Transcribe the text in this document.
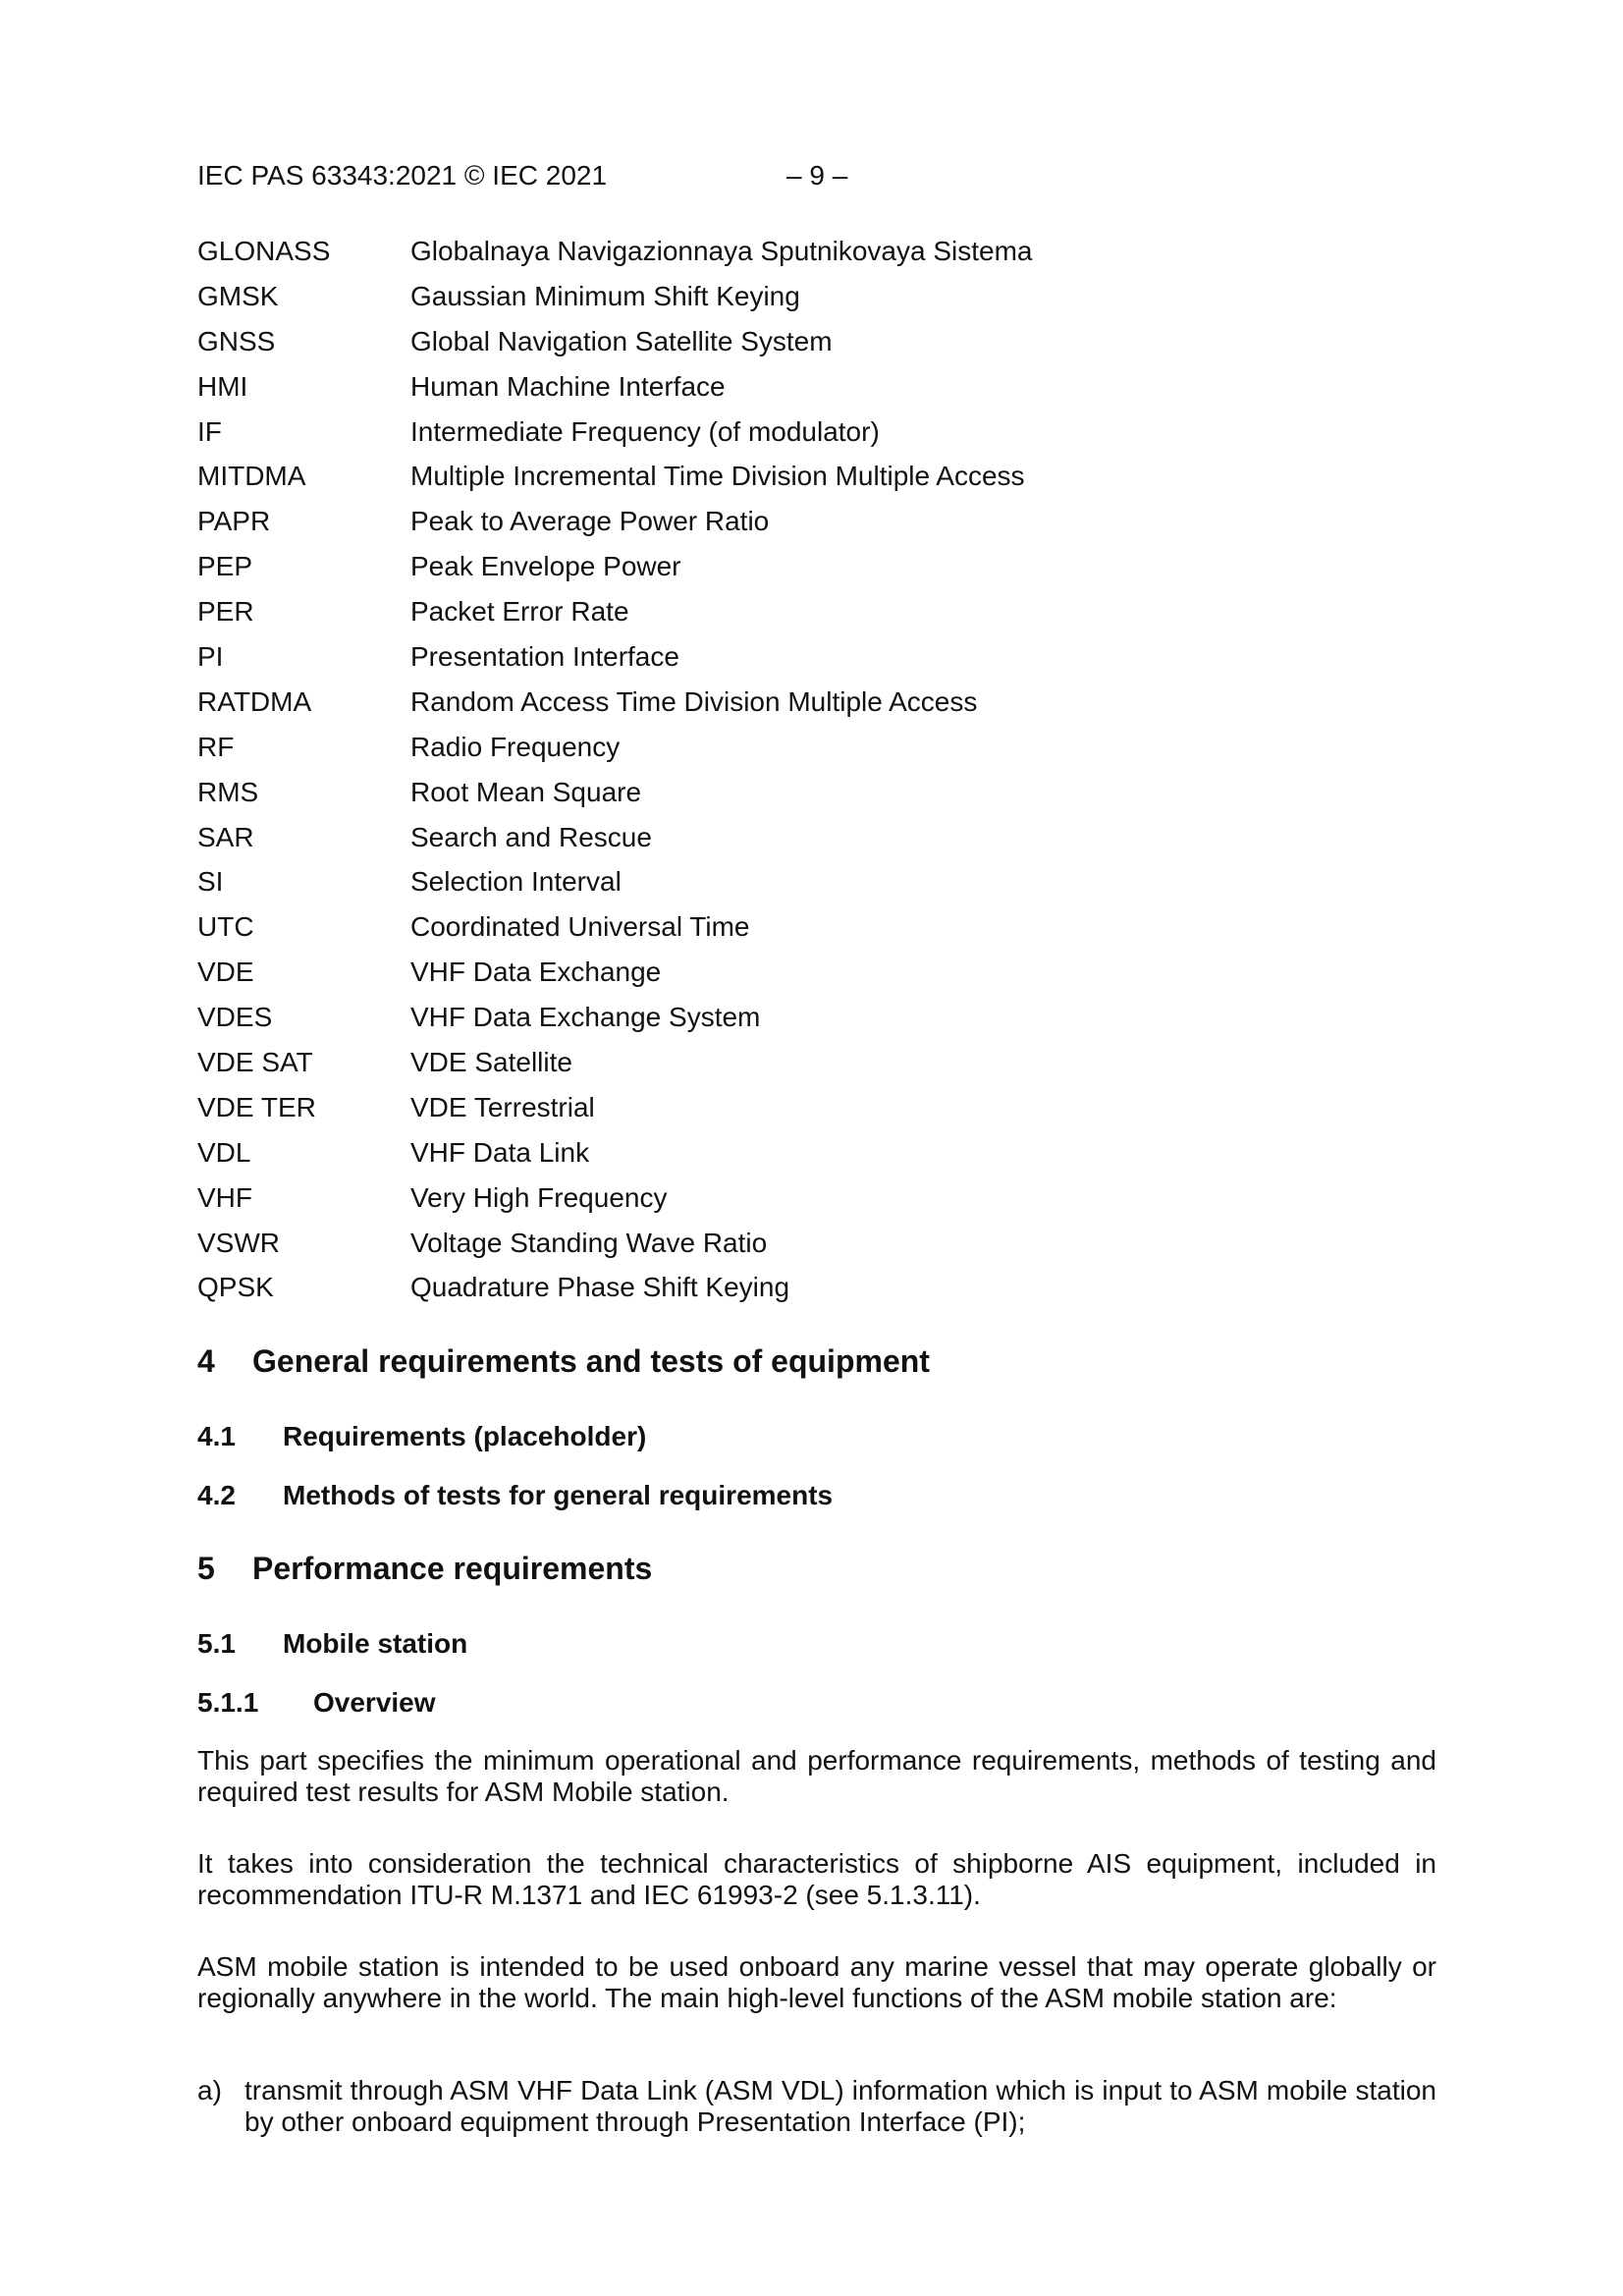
IEC PAS 63343:2021 © IEC 2021	– 9 –
GLONASS	Globalnaya Navigazionnaya Sputnikovaya Sistema
GMSK	Gaussian Minimum Shift Keying
GNSS	Global Navigation Satellite System
HMI	Human Machine Interface
IF	Intermediate Frequency (of modulator)
MITDMA	Multiple Incremental Time Division Multiple Access
PAPR	Peak to Average Power Ratio
PEP	Peak Envelope Power
PER	Packet Error Rate
PI	Presentation Interface
RATDMA	Random Access Time Division Multiple Access
RF	Radio Frequency
RMS	Root Mean Square
SAR	Search and Rescue
SI	Selection Interval
UTC	Coordinated Universal Time
VDE	VHF Data Exchange
VDES	VHF Data Exchange System
VDE SAT	VDE Satellite
VDE TER	VDE Terrestrial
VDL	VHF Data Link
VHF	Very High Frequency
VSWR	Voltage Standing Wave Ratio
QPSK	Quadrature Phase Shift Keying
4 General requirements and tests of equipment
4.1 Requirements (placeholder)
4.2 Methods of tests for general requirements
5 Performance requirements
5.1 Mobile station
5.1.1 Overview
This part specifies the minimum operational and performance requirements, methods of testing and required test results for ASM Mobile station.
It takes into consideration the technical characteristics of shipborne AIS equipment, included in recommendation ITU-R M.1371 and IEC 61993-2 (see 5.1.3.11).
ASM mobile station is intended to be used onboard any marine vessel that may operate globally or regionally anywhere in the world. The main high-level functions of the ASM mobile station are:
a) transmit through ASM VHF Data Link (ASM VDL) information which is input to ASM mobile station by other onboard equipment through Presentation Interface (PI);
